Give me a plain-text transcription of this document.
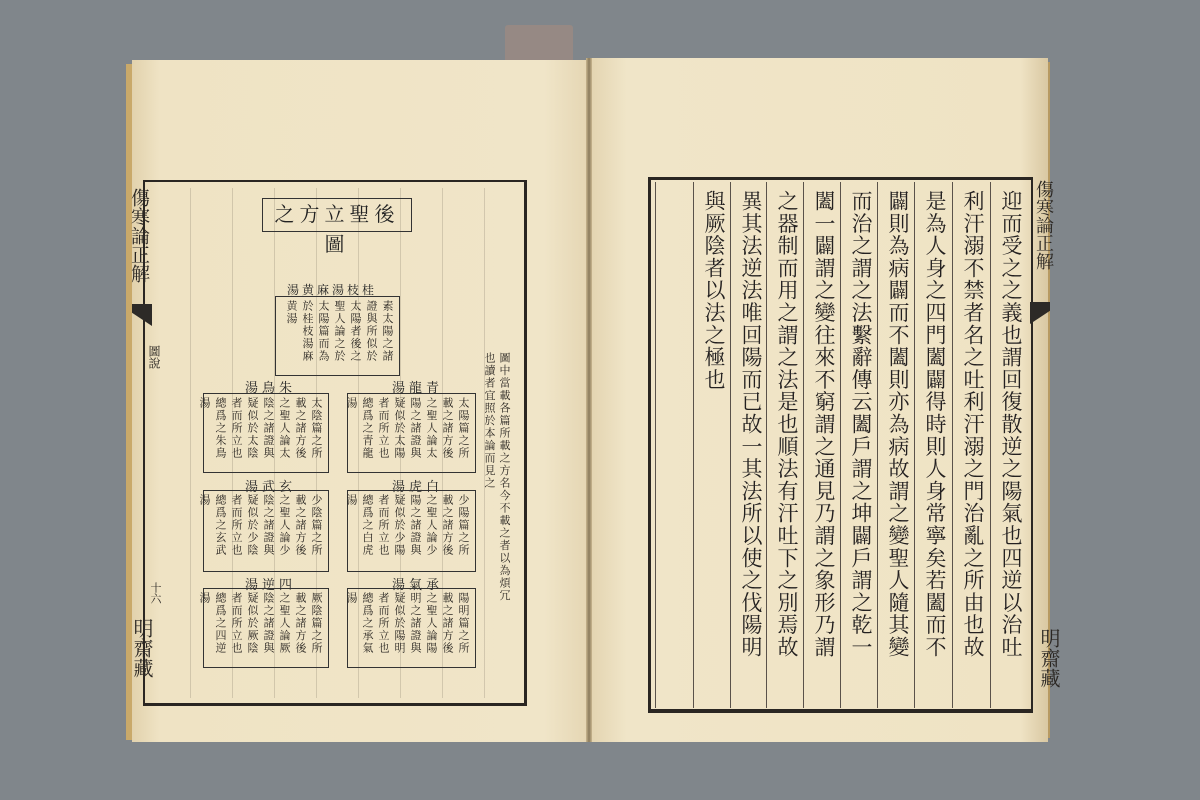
傷寒論正解
圖說
十六
明齋藏
後聖立方之圖
桂枝湯麻黄湯
素太陽之諸證與所似於太陽者後之聖人論之於太陽篇而為於桂枝湯麻黄湯
青龍湯
太陽篇之所載之諸方後之聖人論太陽之諸證與疑似於太陽者而所立也總爲之青龍湯
朱鳥湯
太陰篇之所載之諸方後之聖人論太陰之諸證與疑似於太陰者而所立也總爲之朱鳥湯
白虎湯
少陽篇之所載之諸方後之聖人論少陽之諸證與疑似於少陽者而所立也總爲之白虎湯
玄武湯
少陰篇之所載之諸方後之聖人論少陰之諸證與疑似於少陰者而所立也總爲之玄武湯
承氣湯
陽明篇之所載之諸方後之聖人論陽明之諸證與疑似於陽明者而所立也總爲之承氣湯
四逆湯
厥陰篇之所載之諸方後之聖人論厥陰之諸證與疑似於厥陰者而所立也總爲之四逆湯	圖中當載各篇所載之方名今不載之者以為煩冗也讀者宜照於本論而見之	迎而受之之義也謂回復散逆之陽氣也四逆以治吐
利汗溺不禁者名之吐利汗溺之門治亂之所由也故
是為人身之四門闔闢得時則人身常寧矣若闔而不
闢則為病闢而不闔則亦為病故謂之變聖人隨其變
而治之謂之法繫辭傳云闔戶謂之坤闢戶謂之乾一
闔一闢謂之變往來不窮謂之通見乃謂之象形乃謂
之器制而用之謂之法是也順法有汗吐下之別焉故
異其法逆法唯回陽而已故一其法所以使之伐陽明
與厥陰者以法之極也	傷寒論正解
明齋藏
